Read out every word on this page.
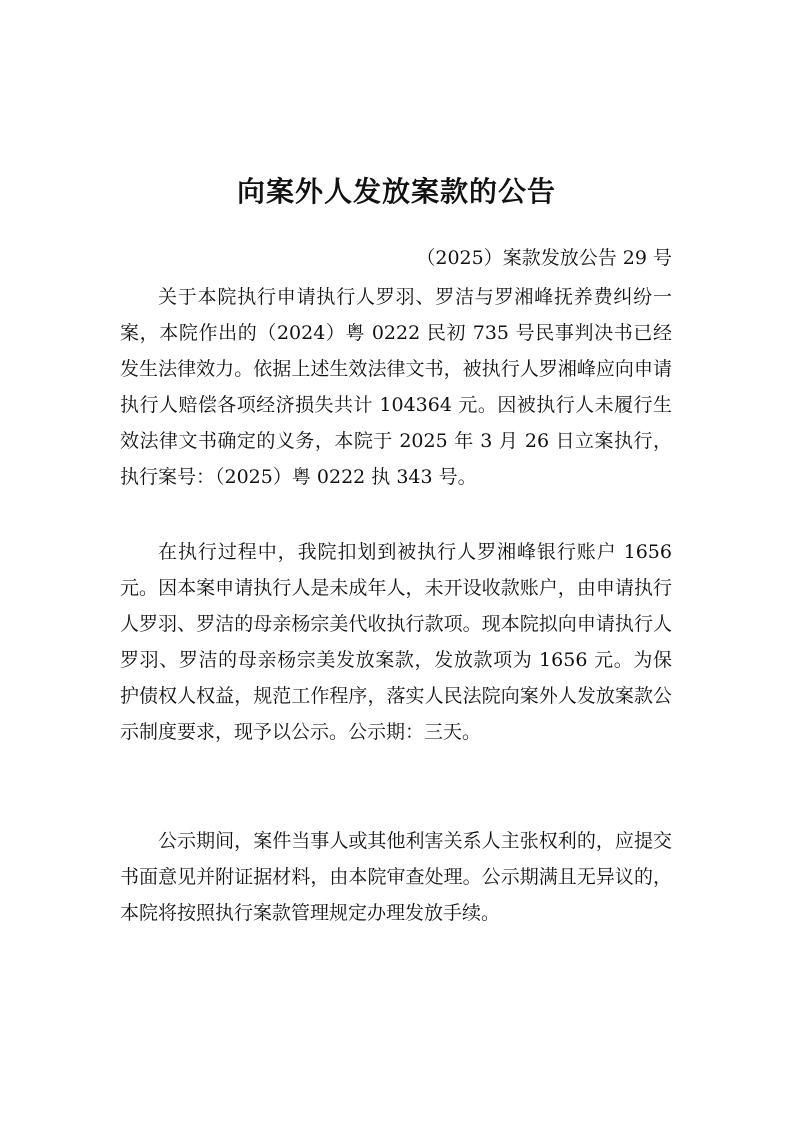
向案外人发放案款的公告

（2025）案款发放公告 29 号

关于本院执行申请执行人罗羽、罗洁与罗湘峰抚养费纠纷一案，本院作出的（2024）粤 0222 民初 735 号民事判决书已经发生法律效力。依据上述生效法律文书，被执行人罗湘峰应向申请执行人赔偿各项经济损失共计 104364 元。因被执行人未履行生效法律文书确定的义务，本院于 2025 年 3 月 26 日立案执行，执行案号：（2025）粤 0222 执 343 号。

在执行过程中，我院扣划到被执行人罗湘峰银行账户 1656 元。因本案申请执行人是未成年人，未开设收款账户，由申请执行人罗羽、罗洁的母亲杨宗美代收执行款项。现本院拟向申请执行人罗羽、罗洁的母亲杨宗美发放案款，发放款项为 1656 元。为保护债权人权益，规范工作程序，落实人民法院向案外人发放案款公示制度要求，现予以公示。公示期：三天。

公示期间，案件当事人或其他利害关系人主张权利的，应提交书面意见并附证据材料，由本院审查处理。公示期满且无异议的，本院将按照执行案款管理规定办理发放手续。
